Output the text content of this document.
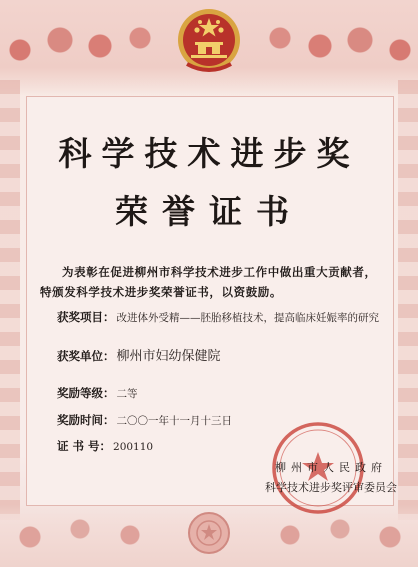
科学技术进步奖
荣誉证书
为表彰在促进柳州市科学技术进步工作中做出重大贡献者，特颁发科学技术进步奖荣誉证书，以资鼓励。
获奖项目： 改进体外受精——胚胎移植技术，提高临床妊娠率的研究
获奖单位： 柳州市妇幼保健院
奖励等级： 二等
奖励时间： 二〇〇一年十一月十三日
证 书 号： 200110
柳州市人民政府
科学技术进步奖评审委员会
